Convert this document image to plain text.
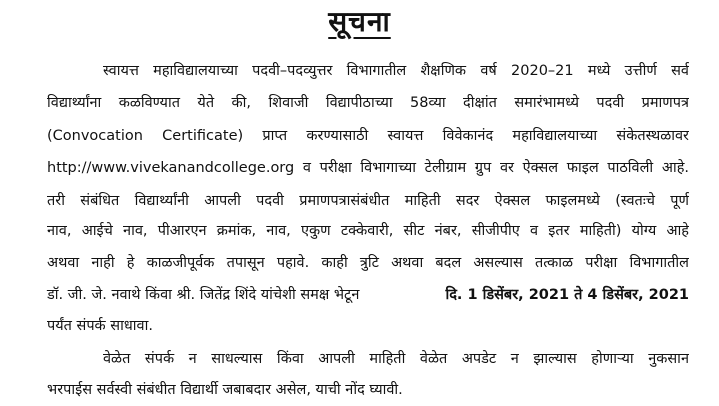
सूचना
स्वायत्त महाविद्यालयाच्या पदवी–पदव्युत्तर विभागातील शैक्षणिक वर्ष 2020–21 मध्ये उत्तीर्ण सर्व
विद्यार्थ्यांना कळविण्यात येते की, शिवाजी विद्यापीठाच्या 58व्या दीक्षांत समारंभामध्ये पदवी प्रमाणपत्र
(Convocation Certificate) प्राप्त करण्यासाठी स्वायत्त विवेकानंद महाविद्यालयाच्या संकेतस्थळावर
http://www.vivekanandcollege.org व परीक्षा विभागाच्या टेलीग्राम ग्रुप वर ऐक्सल फाइल पाठविली आहे.
तरी संबंधित विद्यार्थ्यांनी आपली पदवी प्रमाणपत्रासंबंधीत माहिती सदर ऐक्सल फाइलमध्ये (स्वतःचे पूर्ण
नाव, आईचे नाव, पीआरएन क्रमांक, नाव, एकुण टक्केवारी, सीट नंबर, सीजीपीए व इतर माहिती) योग्य आहे
अथवा नाही हे काळजीपूर्वक तपासून पहावे. काही त्रुटि अथवा बदल असल्यास तत्काळ परीक्षा विभागातील
डॉ. जी. जे. नवाथे किंवा श्री. जितेंद्र शिंदे यांचेशी समक्ष भेटून	दि. 1 डिसेंबर, 2021 ते 4 डिसेंबर, 2021
पर्यंत संपर्क साधावा.
वेळेत संपर्क न साधल्यास किंवा आपली माहिती वेळेत अपडेट न झाल्यास होणाऱ्या नुकसान
भरपाईस सर्वस्वी संबंधीत विद्यार्थी जबाबदार असेल, याची नोंद घ्यावी.
